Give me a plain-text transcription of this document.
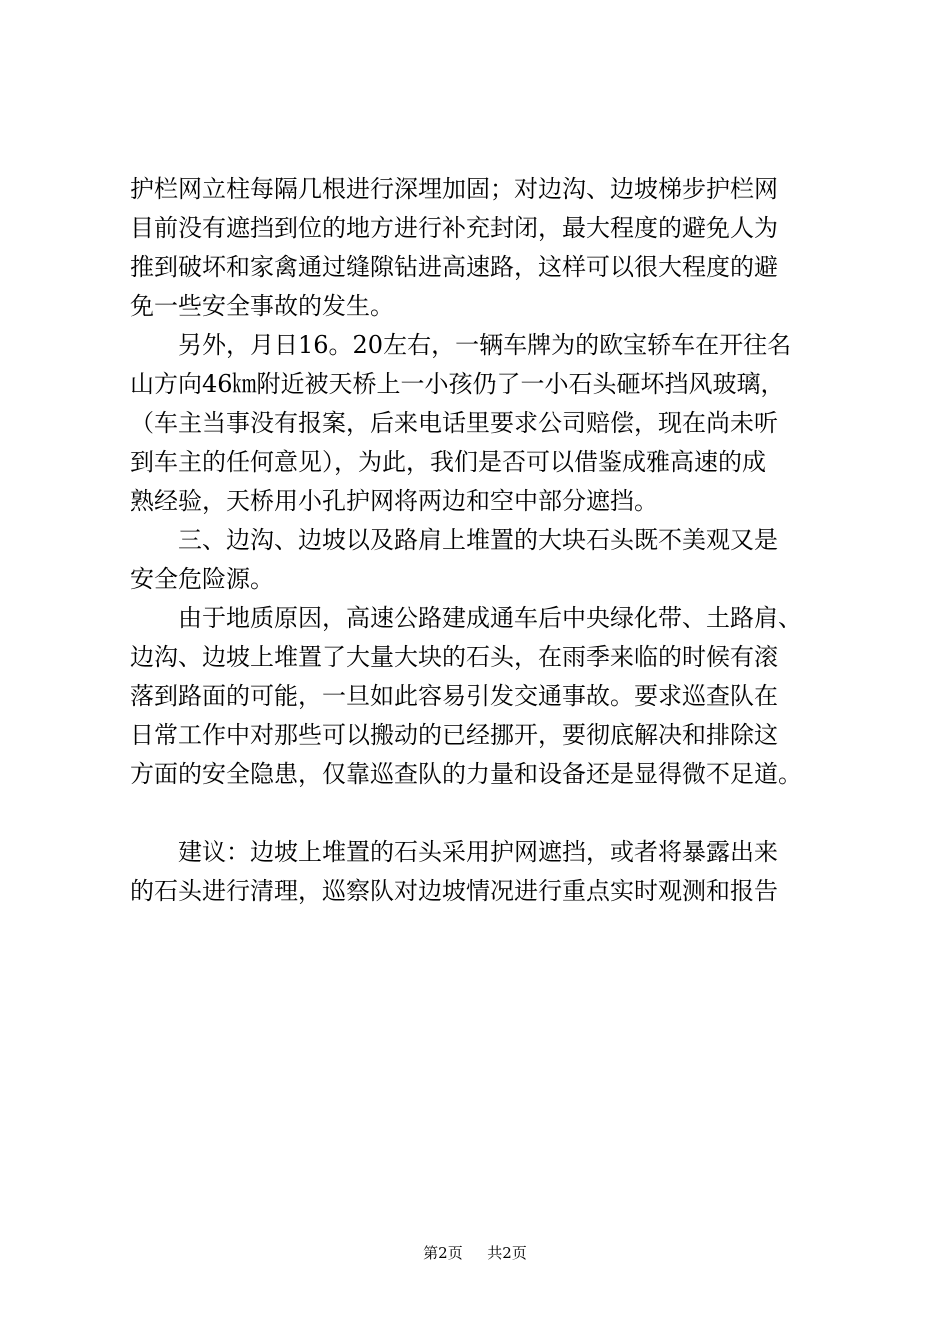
护栏网立柱每隔几根进行深埋加固；对边沟、边坡梯步护栏网
目前没有遮挡到位的地方进行补充封闭，最大程度的避免人为
推到破坏和家禽通过缝隙钻进高速路，这样可以很大程度的避
免一些安全事故的发生。
　　另外，月日16。20左右，一辆车牌为的欧宝轿车在开往名
山方向46㎞附近被天桥上一小孩仍了一小石头砸坏挡风玻璃，
（车主当事没有报案，后来电话里要求公司赔偿，现在尚未听
到车主的任何意见），为此，我们是否可以借鉴成雅高速的成
熟经验，天桥用小孔护网将两边和空中部分遮挡。
　　三、边沟、边坡以及路肩上堆置的大块石头既不美观又是
安全危险源。
　　由于地质原因，高速公路建成通车后中央绿化带、土路肩、
边沟、边坡上堆置了大量大块的石头，在雨季来临的时候有滚
落到路面的可能，一旦如此容易引发交通事故。要求巡查队在
日常工作中对那些可以搬动的已经挪开，要彻底解决和排除这
方面的安全隐患，仅靠巡查队的力量和设备还是显得微不足道。
　　建议：边坡上堆置的石头采用护网遮挡，或者将暴露出来
的石头进行清理，巡察队对边坡情况进行重点实时观测和报告
第2页 　 共2页
